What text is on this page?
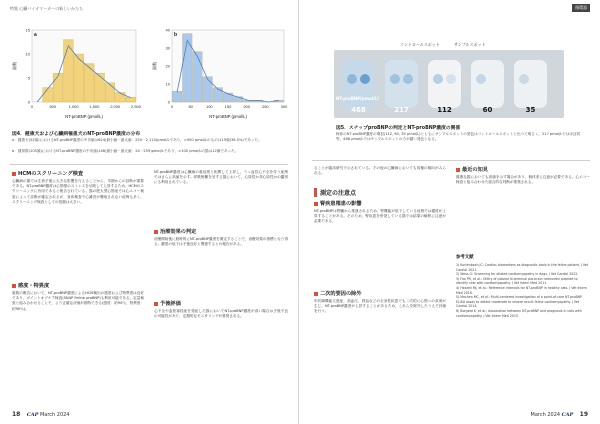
特集 心臓バイオマーカーの新しいかたち
0
5
10
15
0	500	1,000	1,500	2,000	2,500
NT-proBNP (pmol/L)
頭数
a
0
10
20
30
40
0	50	100	150	200	250	300
NT-proBNP (pmol/L)
頭数
b
図4．健康犬および心臓病罹患犬のNT-proBNP濃度の分布
a：健康犬(52頭)におけるNT-proBNP濃度の中央値は624(最小値－最大値：250－2,115)pmol/Lであり，>900 pmol/Lのものは19頭(36.5%)であった。
b：健常群(105頭)におけるNT-proBNP濃度の中央値は46(最小値－最大値：24－259)pmol/Lであり，>100 pmol/Lの猫は12頭であった。
HCMのスクリーニング検査
心臓病の猫では生命予後に大きな影響を与えることから，早期からの診断が重要である。NT-proBNP濃度は心筋壁のストレスを反映して上昇するため，HCMのスクリーニングに有用であると報告されている。猫の肥大型心筋症では心エコー検査によって診断が確定されるが，身体検査で心雑音が聴取されない症例も多く，スクリーニング検査としての役割は大きい。
感度・特異度
複数の報告において，NT-proBNP濃度によるHCM検出の感度および特異度は良好であり，ポイントオブケア検査(SNAP Feline proBNP)も利用可能である。定量検査と組み合わせることで，より正確な評価が期待できる(感度：約90％，特異度：約90％)。
NT-proBNP濃度は心臓病の重症度と相関して上昇し，うっ血性心不全を伴う症例ではさらに高値を示す。呼吸困難を呈する猫において，心原性か非心原性かの鑑別にも利用されている。
治療効果の判定
治療開始後に経時的にNT-proBNP濃度を測定することで，治療効果の指標となり得る。濃度の低下は予後良好と関連するとの報告がある。
予後評価
心不全や血栓塞栓症を発症した猫においてNT-proBNP濃度が高い場合は予後不良の可能性があり，定期的なモニタリングが推奨される。
18 CAP March 2024
循環器
コントロールスポット	サンプルスポット
NT-proBNP(pmol/L)
468	217	112	60	35
図5．スナップproBNPの判定とNT-proBNP濃度の関係
検体のNT-proBNP濃度の増加(112, 60, 35 pmol/L)とともにサンプルスポットの発色はコントロールスポットと比べて明るく，217 pmol/Lではほぼ同等，468 pmol/Lではサンプルスポットの方が濃い発色となる。
ることが臨床研究で示されている。その他の心臓病においても同様の傾向がみられる。
測定の注意点
腎疾患罹患の影響
NT-proBNPは腎臓から排泄されるため，腎機能が低下している症例では濃度が上昇することがある。そのため，腎疾患を併発している猫では結果の解釈に注意が必要である。
二次的要因の除外
甲状腺機能亢進症，高血圧，貧血などの全身性疾患でも二次的に心筋への負荷が生じ，NT-proBNP濃度が上昇することがあるため，これらを除外したうえで評価を行う。
最近の知見
健康な猫においても高値を示す場合があり，個体差に注意が必要である。心エコー検査と組み合わせた総合的な判断が推奨される。
参考文献
1) Kurtenbach JC: Cardiac biomarkers as diagnostic tools in the feline patient. J Vet Cardiol 2021.
2) Wess G: Screening for dilated cardiomyopathy in dogs. J Vet Cardiol 2022.
3) Fox PR, et al.: Utility of plasma N-terminal pro-brain natriuretic peptide to identify cats with cardiomyopathy. J Vet Intern Med 2011.
4) Hezzell MJ, et al.: Reference intervals for NT-proBNP in healthy cats. J Vet Intern Med 2016.
5) Machen MC, et al.: Multi-centered investigation of a point-of-care NT-proBNP ELISA assay to detect moderate to severe occult feline cardiomyopathy. J Vet Cardiol 2014.
6) Borgeat K, et al.: Association between NT-proBNP and prognosis in cats with cardiomyopathy. J Vet Intern Med 2015.
March 2024 CAP 19
